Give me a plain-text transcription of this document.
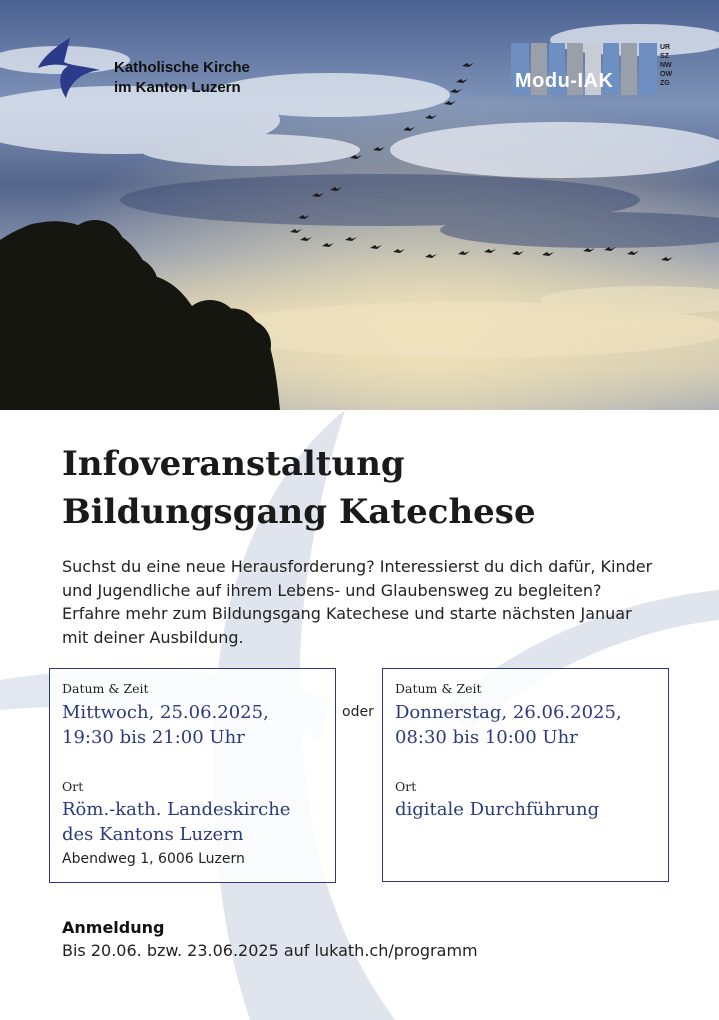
Katholische Kirche
im Kanton Luzern	Modu-IAK
UR
SZ
NW
OW
ZG
Infoveranstaltung
Bildungsgang Katechese

Suchst du eine neue Herausforderung? Interessierst du dich dafür, Kinder und Jugendliche auf ihrem Lebens- und Glaubensweg zu begleiten? Erfahre mehr zum Bildungsgang Katechese und starte nächsten Januar mit deiner Ausbildung.

Datum & Zeit
Mittwoch, 25.06.2025,
19:30 bis 21:00 Uhr
Ort
Röm.-kath. Landeskirche
des Kantons Luzern
Abendweg 1, 6006 Luzern
oder
Datum & Zeit
Donnerstag, 26.06.2025,
08:30 bis 10:00 Uhr
Ort
digitale Durchführung
Anmeldung
Bis 20.06. bzw. 23.06.2025 auf lukath.ch/programm
